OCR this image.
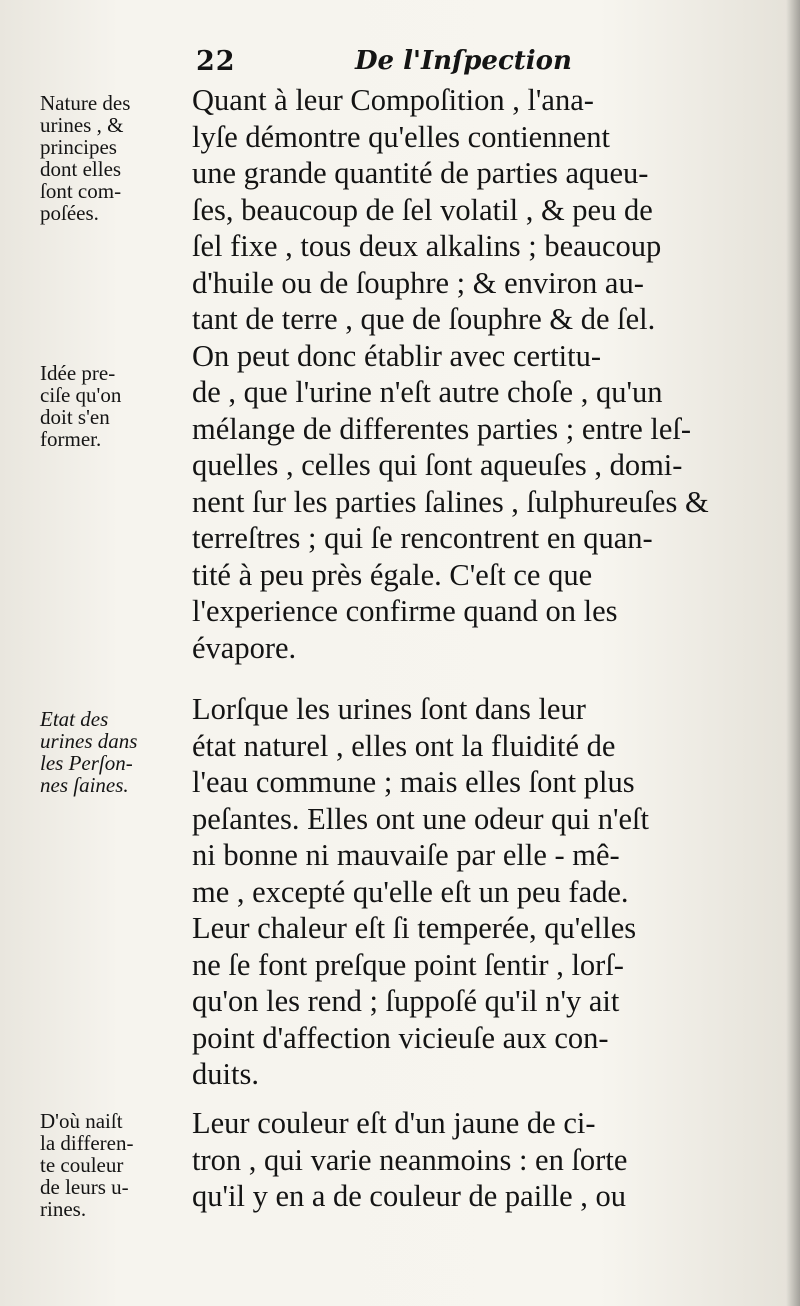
22	De l'Inſpection
Nature des
urines , &
principes
dont elles
ſont com-
poſées.
Idée pre-
ciſe qu'on
doit s'en
former.
Etat des
urines dans
les Perſon-
nes ſaines.
D'où naiſt
la differen-
te couleur
de leurs u-
rines.
Quant à leur Compoſition , l'ana-
lyſe démontre qu'elles contiennent
une grande quantité de parties aqueu-
ſes, beaucoup de ſel volatil , & peu de
ſel fixe , tous deux alkalins ; beaucoup
d'huile ou de ſouphre ; & environ au-
tant de terre , que de ſouphre & de ſel.
On peut donc établir avec certitu-
de , que l'urine n'eſt autre choſe , qu'un
mélange de differentes parties ; entre leſ-
quelles , celles qui ſont aqueuſes , domi-
nent ſur les parties ſalines , ſulphureuſes &
terreſtres ; qui ſe rencontrent en quan-
tité à peu près égale. C'eſt ce que
l'experience confirme quand on les
évapore.
Lorſque les urines ſont dans leur
état naturel , elles ont la fluidité de
l'eau commune ; mais elles ſont plus
peſantes. Elles ont une odeur qui n'eſt
ni bonne ni mauvaiſe par elle - mê-
me , excepté qu'elle eſt un peu fade.
Leur chaleur eſt ſi temperée, qu'elles
ne ſe font preſque point ſentir , lorſ-
qu'on les rend ; ſuppoſé qu'il n'y ait
point d'affection vicieuſe aux con-
duits.
Leur couleur eſt d'un jaune de ci-
tron , qui varie neanmoins : en ſorte
qu'il y en a de couleur de paille , ou
